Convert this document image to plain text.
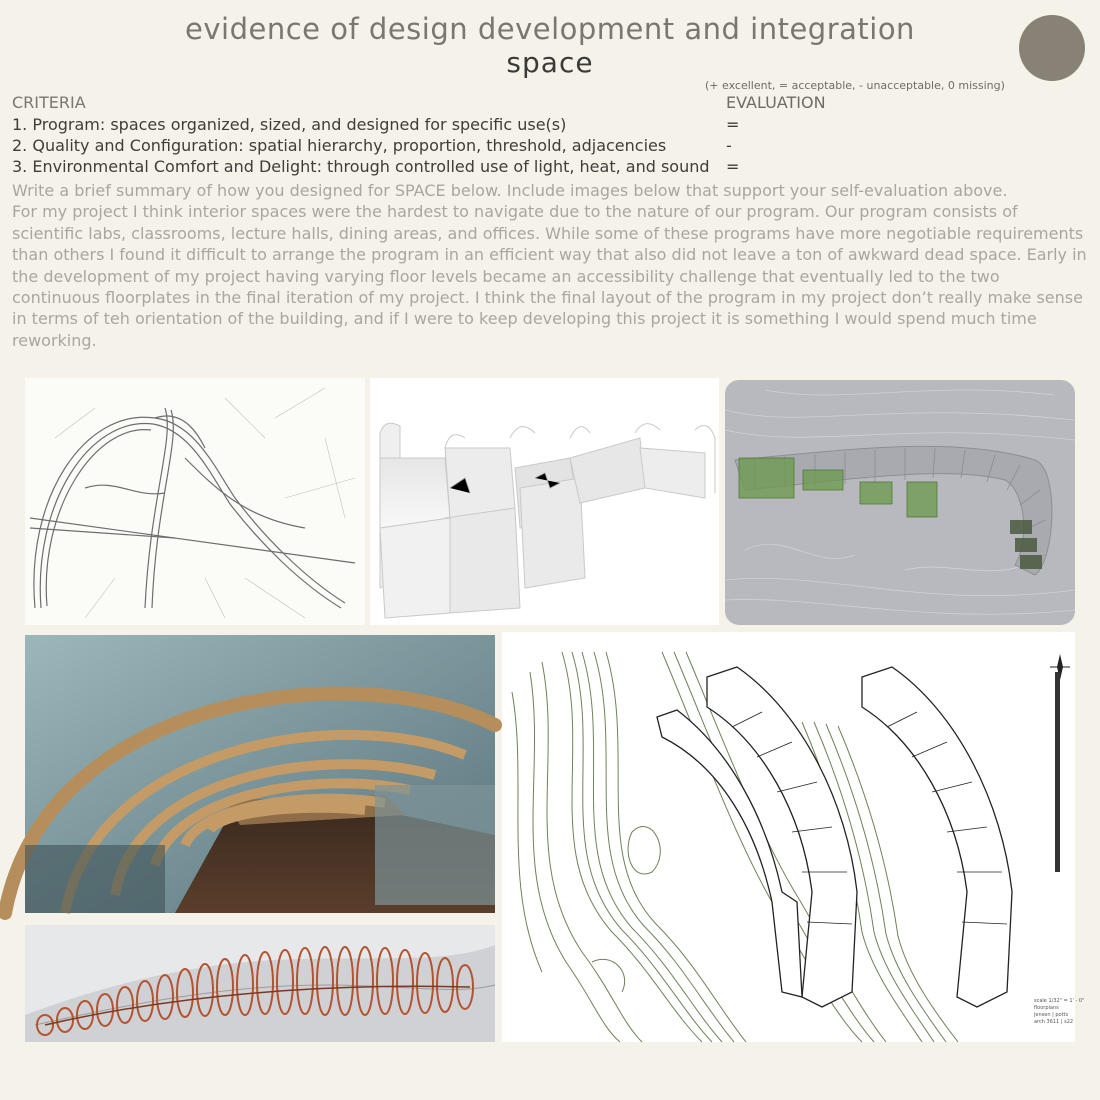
evidence of design development and integration
space
(+ excellent, = acceptable, - unacceptable, 0 missing)
CRITERIA	EVALUATION
1. Program: spaces organized, sized, and designed for specific use(s)	=
2. Quality and Configuration: spatial hierarchy, proportion, threshold, adjacencies	-
3. Environmental Comfort and Delight: through controlled use of light, heat, and sound =

Write a brief summary of how you designed for SPACE below. Include images below that support your self-evaluation above.

For my project I think interior spaces were the hardest to navigate due to the nature of our program. Our program consists of scientific labs, classrooms, lecture halls, dining areas, and offices. While some of these programs have more negotiable requirements than others I found it difficult to arrange the program in an efficient way that also did not leave a ton of awkward dead space. Early in the development of my project having varying floor levels became an accessibility challenge that eventually led to the two continuous floorplates in the final iteration of my project. I think the final layout of the program in my project don’t really make sense in terms of teh orientation of the building, and if I were to keep developing this project it is something I would spend much time reworking.

scale 1/32" = 1' - 0"
floorplans
jensen | potts
arch 3611 | s22
